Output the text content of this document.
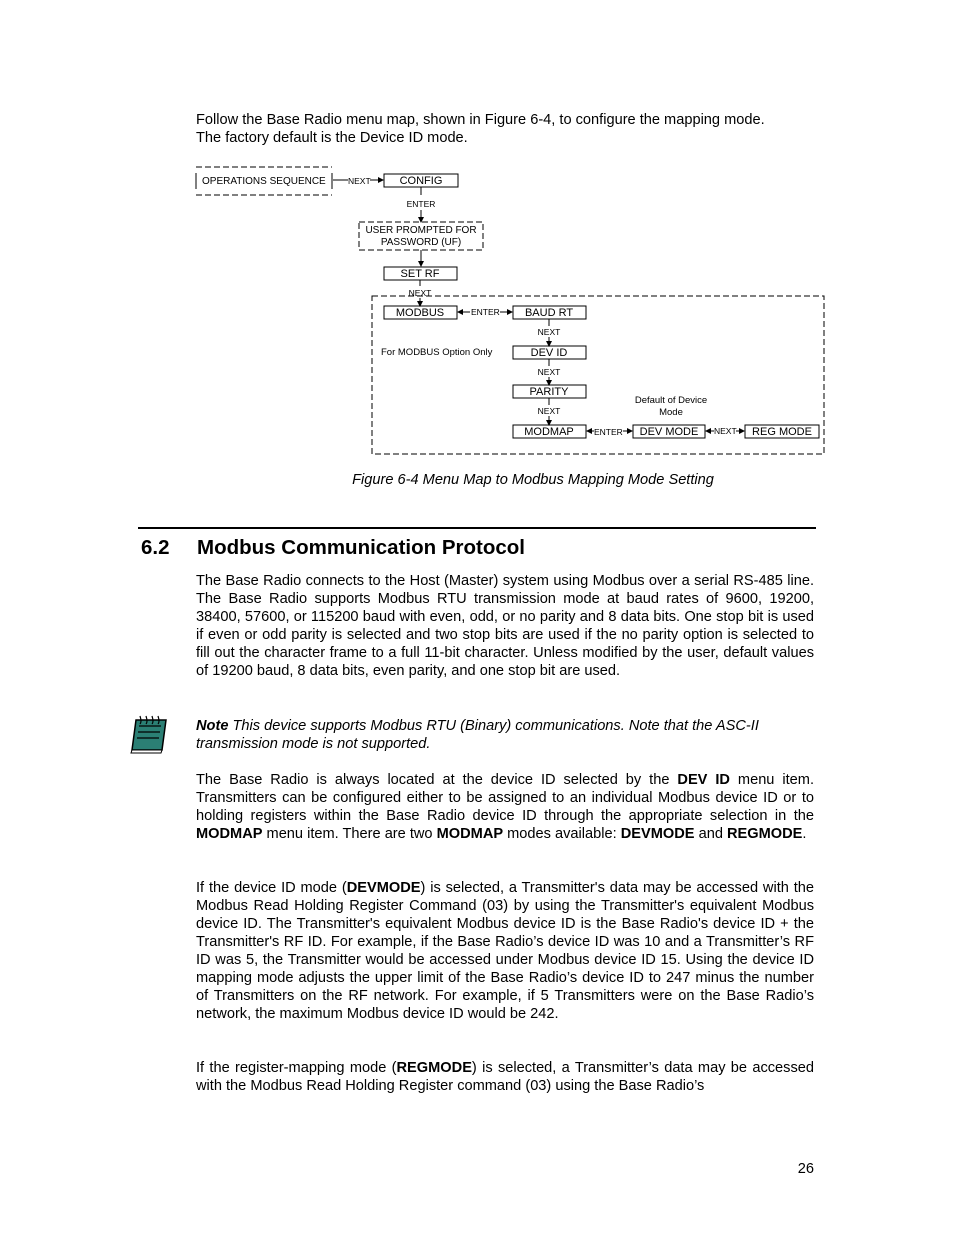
Follow the Base Radio menu map, shown in Figure 6-4, to configure the mapping mode.
The factory default is the Device ID mode.

OPERATIONS SEQUENCE	NEXT	CONFIG
ENTER
USER PROMPTED FOR
PASSWORD (UF)
SET RF
NEXT
MODBUS	ENTER BAUD RT
NEXT
For MODBUS Option Only	DEV ID
NEXT
PARITY
NEXT
Default of Device
Mode
MODMAP ENTER DEV MODE NEXT REG MODE

Figure 6-4 Menu Map to Modbus Mapping Mode Setting

6.2 Modbus Communication Protocol

The Base Radio connects to the Host (Master) system using Modbus over a serial RS-485 line. The Base Radio supports Modbus RTU transmission mode at baud rates of 9600, 19200, 38400, 57600, or 115200 baud with even, odd, or no parity and 8 data bits. One stop bit is used if even or odd parity is selected and two stop bits are used if the no parity option is selected to fill out the character frame to a full 11-bit character. Unless modified by the user, default values of 19200 baud, 8 data bits, even parity, and one stop bit are used.

Note This device supports Modbus RTU (Binary) communications. Note that the ASC-II transmission mode is not supported.

The Base Radio is always located at the device ID selected by the DEV ID menu item. Transmitters can be configured either to be assigned to an individual Modbus device ID or to holding registers within the Base Radio device ID through the appropriate selection in the MODMAP menu item. There are two MODMAP modes available: DEVMODE and REGMODE.

If the device ID mode (DEVMODE) is selected, a Transmitter's data may be accessed with the Modbus Read Holding Register Command (03) by using the Transmitter's equivalent Modbus device ID. The Transmitter's equivalent Modbus device ID is the Base Radio's device ID + the Transmitter's RF ID. For example, if the Base Radio’s device ID was 10 and a Transmitter’s RF ID was 5, the Transmitter would be accessed under Modbus device ID 15. Using the device ID mapping mode adjusts the upper limit of the Base Radio’s device ID to 247 minus the number of Transmitters on the RF network. For example, if 5 Transmitters were on the Base Radio’s network, the maximum Modbus device ID would be 242.

If the register-mapping mode (REGMODE) is selected, a Transmitter’s data may be accessed with the Modbus Read Holding Register command (03) using the Base Radio’s

26
